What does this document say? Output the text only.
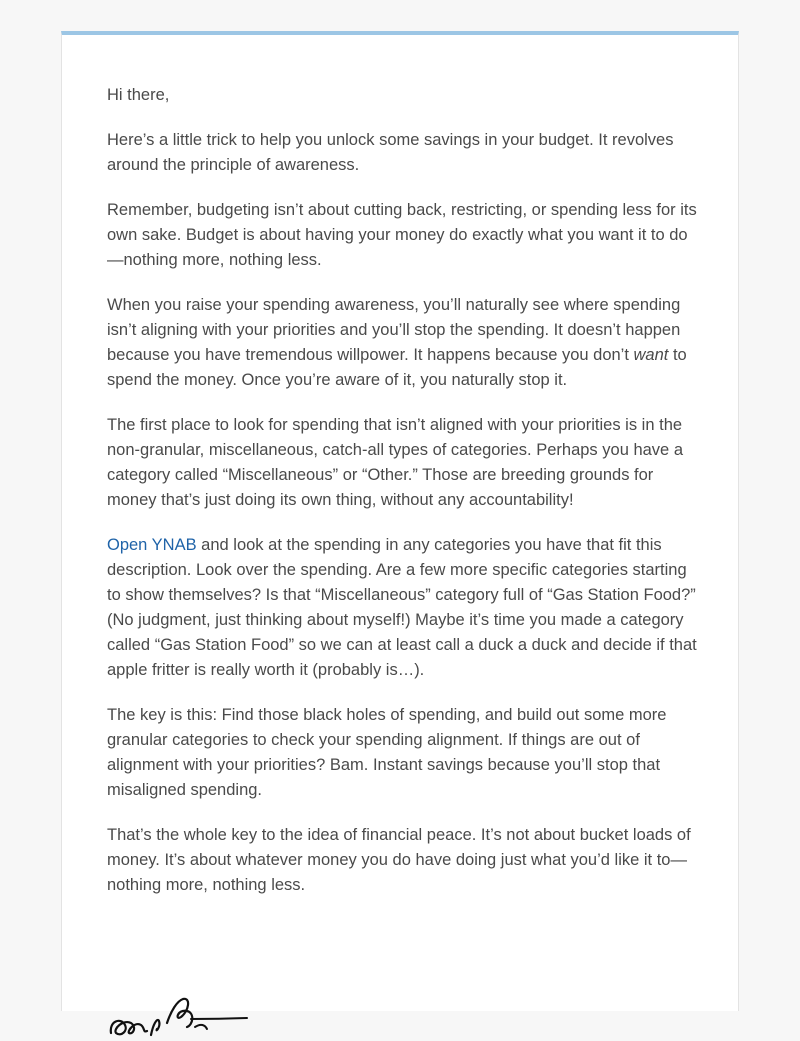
Hi there,

Here’s a little trick to help you unlock some savings in your budget. It revolves around the principle of awareness.

Remember, budgeting isn’t about cutting back, restricting, or spending less for its own sake. Budget is about having your money do exactly what you want it to do—nothing more, nothing less.

When you raise your spending awareness, you’ll naturally see where spending isn’t aligning with your priorities and you’ll stop the spending. It doesn’t happen because you have tremendous willpower. It happens because you don’t want to spend the money. Once you’re aware of it, you naturally stop it.

The first place to look for spending that isn’t aligned with your priorities is in the non-granular, miscellaneous, catch-all types of categories. Perhaps you have a category called “Miscellaneous” or “Other.” Those are breeding grounds for money that’s just doing its own thing, without any accountability!

Open YNAB and look at the spending in any categories you have that fit this description. Look over the spending. Are a few more specific categories starting to show themselves? Is that “Miscellaneous” category full of “Gas Station Food?” (No judgment, just thinking about myself!) Maybe it’s time you made a category called “Gas Station Food” so we can at least call a duck a duck and decide if that apple fritter is really worth it (probably is…).

The key is this: Find those black holes of spending, and build out some more granular categories to check your spending alignment. If things are out of alignment with your priorities? Bam. Instant savings because you’ll stop that misaligned spending.

That’s the whole key to the idea of financial peace. It’s not about bucket loads of money. It’s about whatever money you do have doing just what you’d like it to—nothing more, nothing less.
